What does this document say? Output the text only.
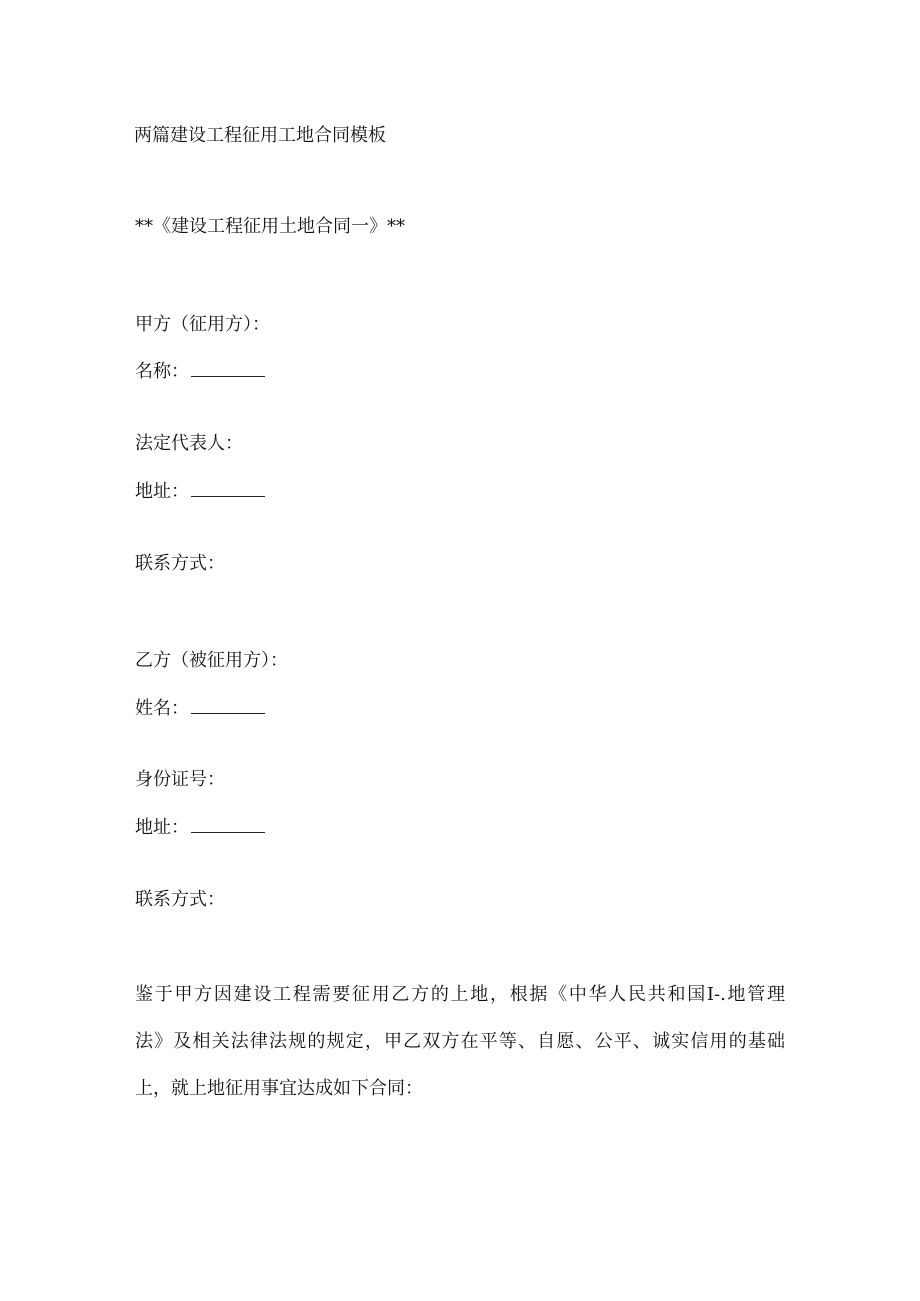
两篇建设工程征用工地合同模板

**《建设工程征用土地合同一》**

甲方（征用方）：

名称：

法定代表人：

地址：

联系方式：

乙方（被征用方）：

姓名：

身份证号：

地址：

联系方式：

鉴于甲方因建设工程需要征用乙方的上地，根据《中华人民共和国I-.地管理
法》及相关法律法规的规定，甲乙双方在平等、自愿、公平、诚实信用的基础
上，就上地征用事宜达成如下合同：
